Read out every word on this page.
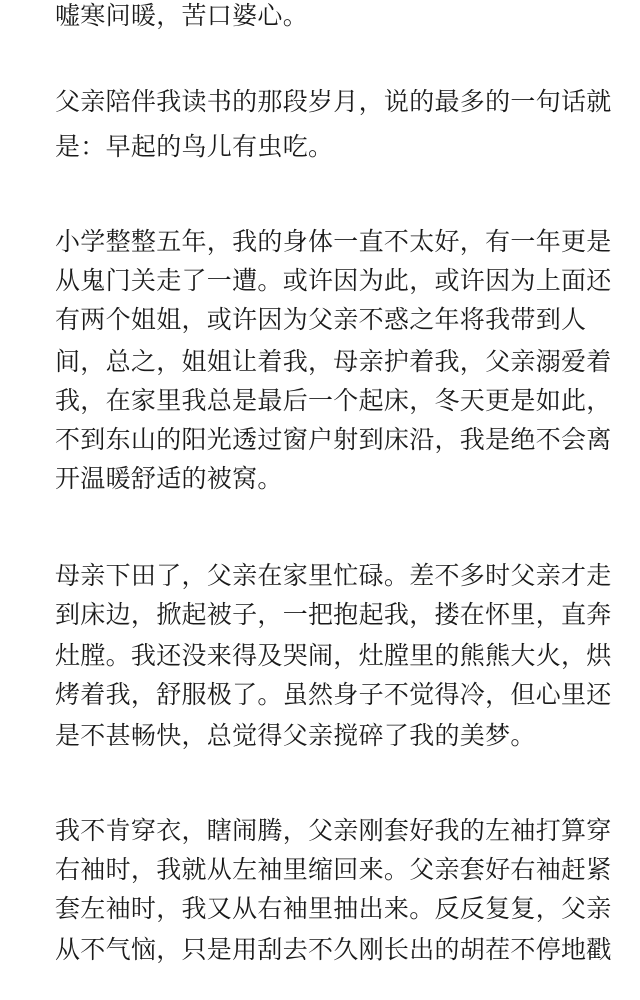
嘘寒问暖，苦口婆心。
父亲陪伴我读书的那段岁月，说的最多的一句话就
是：早起的鸟儿有虫吃。
小学整整五年，我的身体一直不太好，有一年更是
从鬼门关走了一遭。或许因为此，或许因为上面还
有两个姐姐，或许因为父亲不惑之年将我带到人
间，总之，姐姐让着我，母亲护着我，父亲溺爱着
我，在家里我总是最后一个起床，冬天更是如此，
不到东山的阳光透过窗户射到床沿，我是绝不会离
开温暖舒适的被窝。
母亲下田了，父亲在家里忙碌。差不多时父亲才走
到床边，掀起被子，一把抱起我，搂在怀里，直奔
灶膛。我还没来得及哭闹，灶膛里的熊熊大火，烘
烤着我，舒服极了。虽然身子不觉得冷，但心里还
是不甚畅快，总觉得父亲搅碎了我的美梦。
我不肯穿衣，瞎闹腾，父亲刚套好我的左袖打算穿
右袖时，我就从左袖里缩回来。父亲套好右袖赶紧
套左袖时，我又从右袖里抽出来。反反复复，父亲
从不气恼，只是用刮去不久刚长出的胡茬不停地戳
